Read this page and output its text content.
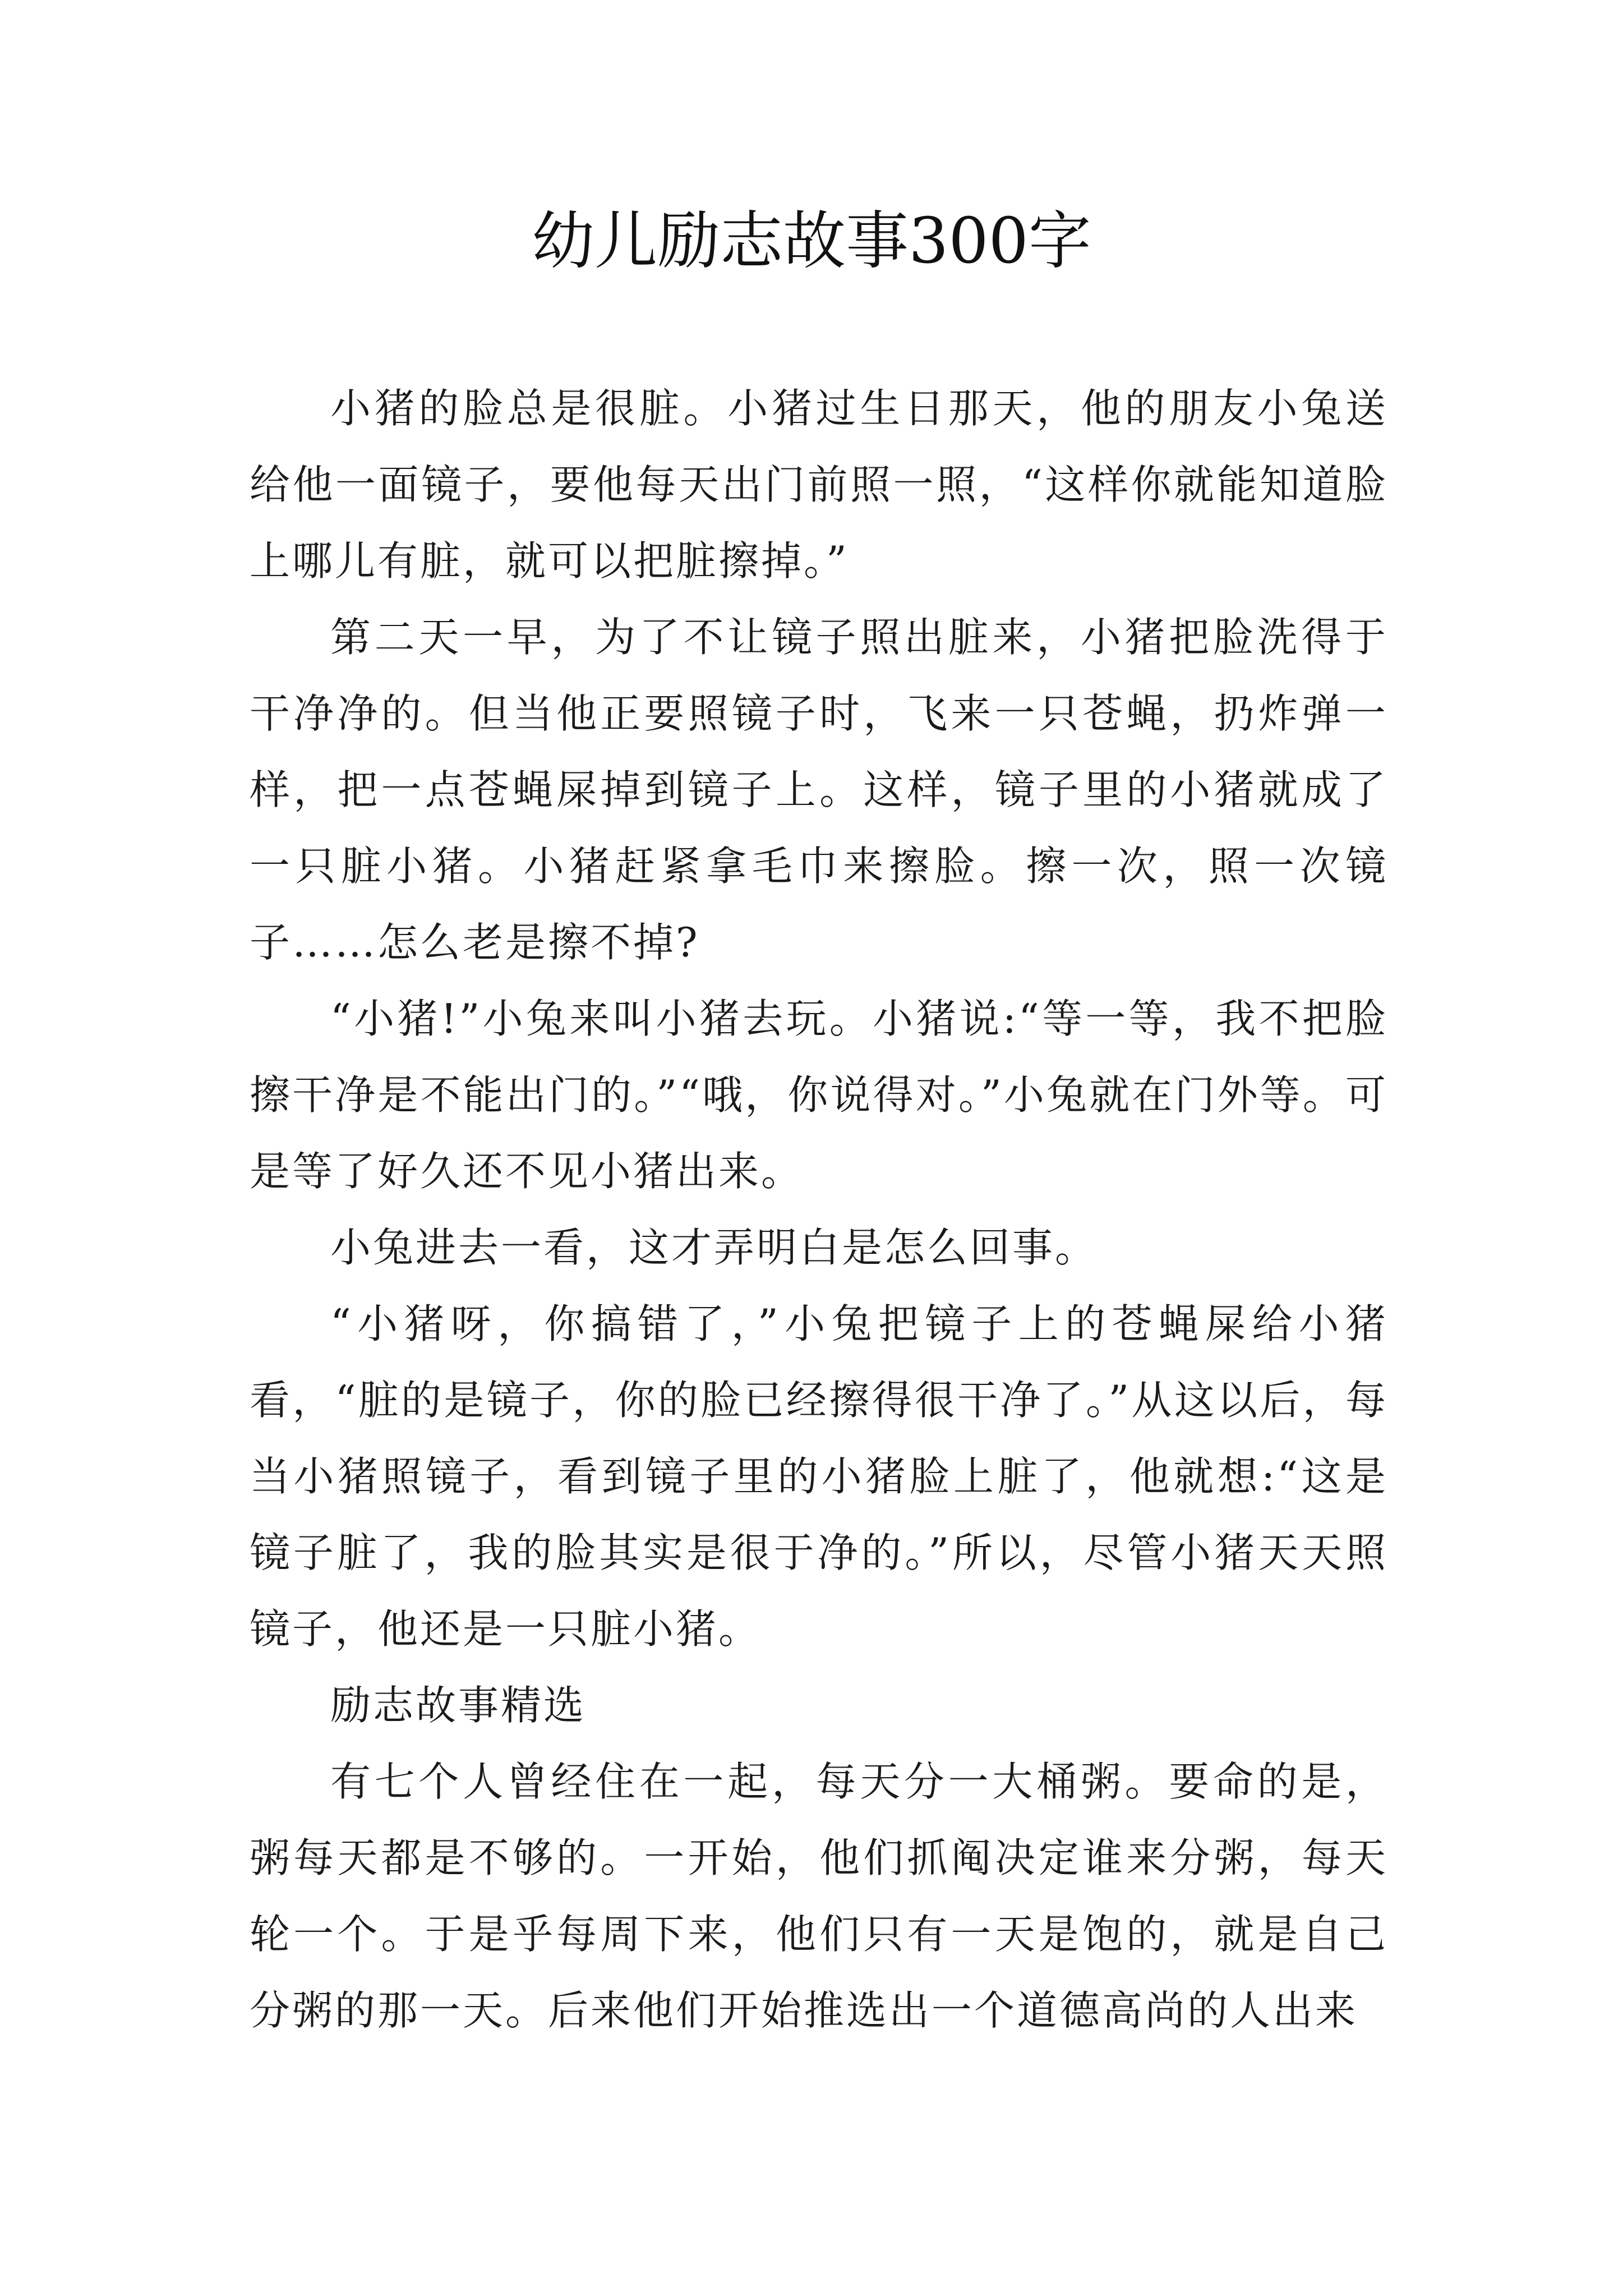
幼儿励志故事300字

小猪的脸总是很脏。小猪过生日那天，他的朋友小兔送给他一面镜子，要他每天出门前照一照，“这样你就能知道脸上哪儿有脏，就可以把脏擦掉。”

第二天一早，为了不让镜子照出脏来，小猪把脸洗得于干净净的。但当他正要照镜子时，飞来一只苍蝇，扔炸弹一样，把一点苍蝇屎掉到镜子上。这样，镜子里的小猪就成了一只脏小猪。小猪赶紧拿毛巾来擦脸。擦一次，照一次镜子……怎么老是擦不掉?

“小猪!”小兔来叫小猪去玩。小猪说:“等一等，我不把脸擦干净是不能出门的。”“哦，你说得对。”小兔就在门外等。可是等了好久还不见小猪出来。

小兔进去一看，这才弄明白是怎么回事。

“小猪呀，你搞错了，”小兔把镜子上的苍蝇屎给小猪看，“脏的是镜子，你的脸已经擦得很干净了。”从这以后，每当小猪照镜子，看到镜子里的小猪脸上脏了，他就想:“这是镜子脏了，我的脸其实是很于净的。”所以，尽管小猪天天照镜子，他还是一只脏小猪。

励志故事精选

有七个人曾经住在一起，每天分一大桶粥。要命的是，粥每天都是不够的。一开始，他们抓阄决定谁来分粥，每天轮一个。于是乎每周下来，他们只有一天是饱的，就是自己分粥的那一天。后来他们开始推选出一个道德高尚的人出来
